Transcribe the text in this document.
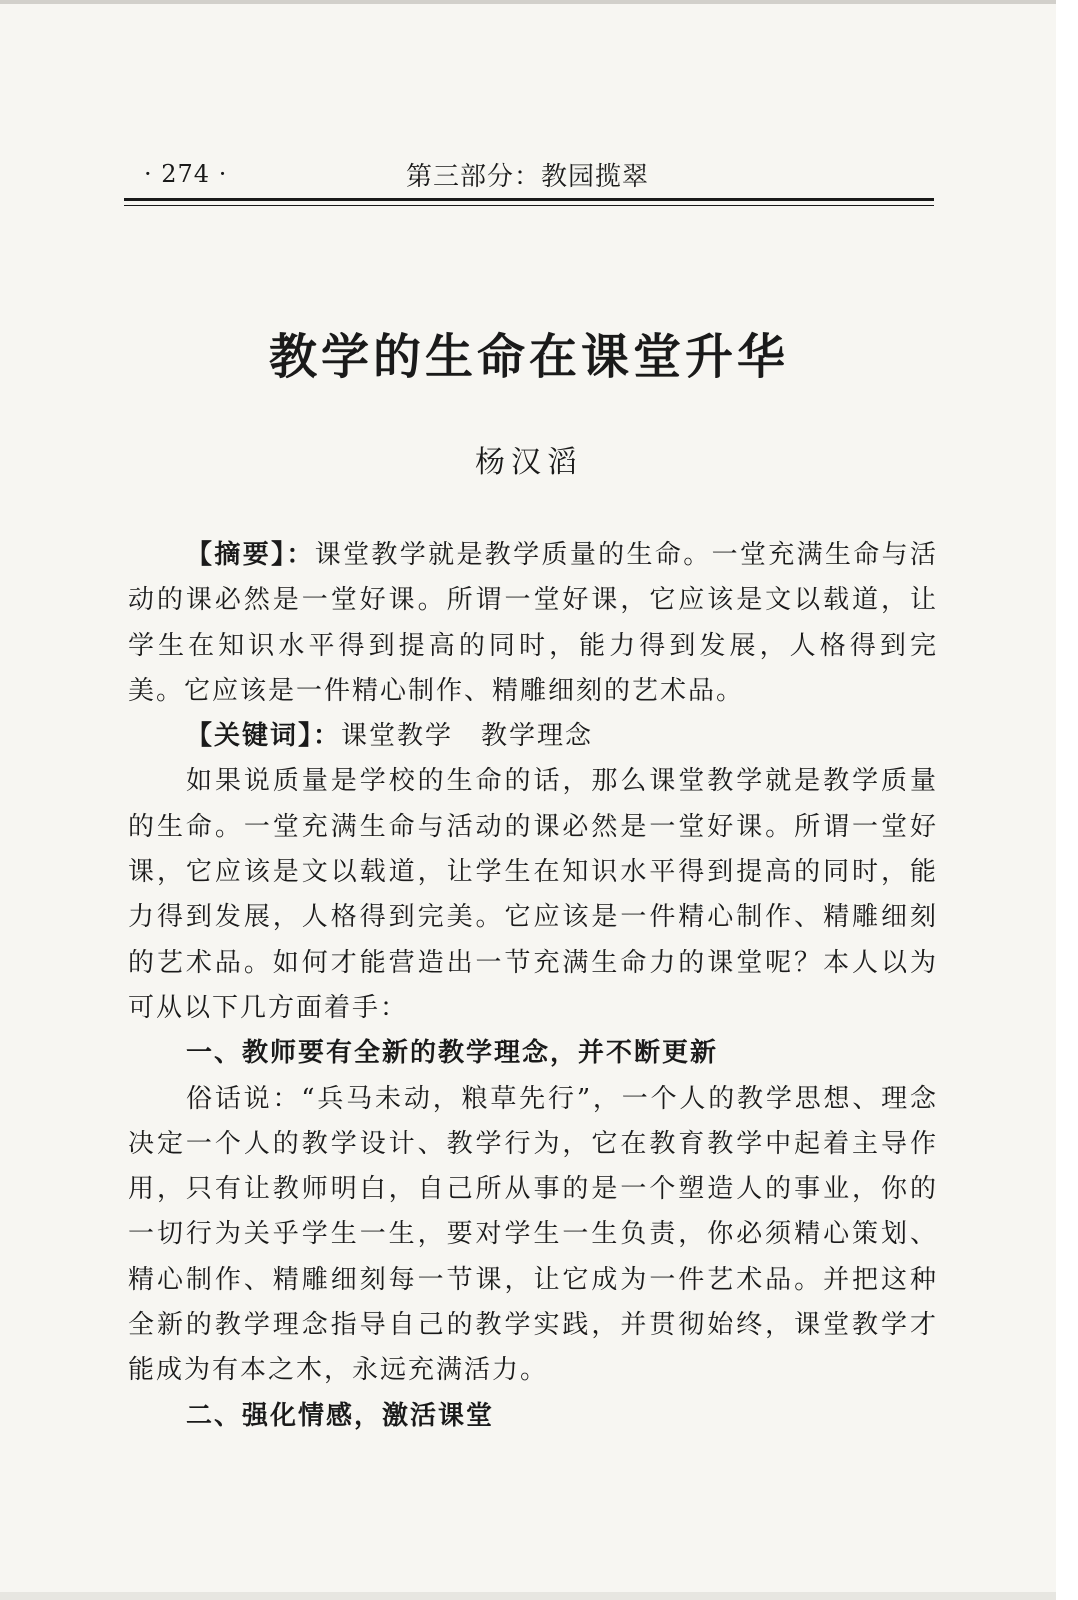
· 274 ·	第三部分：教园揽翠
教学的生命在课堂升华
杨汉滔

【摘要】：课堂教学就是教学质量的生命。一堂充满生命与活动的课必然是一堂好课。所谓一堂好课，它应该是文以载道，让学生在知识水平得到提高的同时，能力得到发展，人格得到完美。它应该是一件精心制作、精雕细刻的艺术品。

【关键词】：课堂教学　教学理念

如果说质量是学校的生命的话，那么课堂教学就是教学质量的生命。一堂充满生命与活动的课必然是一堂好课。所谓一堂好课，它应该是文以载道，让学生在知识水平得到提高的同时，能力得到发展，人格得到完美。它应该是一件精心制作、精雕细刻的艺术品。如何才能营造出一节充满生命力的课堂呢？本人以为可从以下几方面着手：

一、教师要有全新的教学理念，并不断更新

俗话说：“兵马未动，粮草先行”，一个人的教学思想、理念决定一个人的教学设计、教学行为，它在教育教学中起着主导作用，只有让教师明白，自己所从事的是一个塑造人的事业，你的一切行为关乎学生一生，要对学生一生负责，你必须精心策划、精心制作、精雕细刻每一节课，让它成为一件艺术品。并把这种全新的教学理念指导自己的教学实践，并贯彻始终，课堂教学才能成为有本之木，永远充满活力。

二、强化情感，激活课堂
